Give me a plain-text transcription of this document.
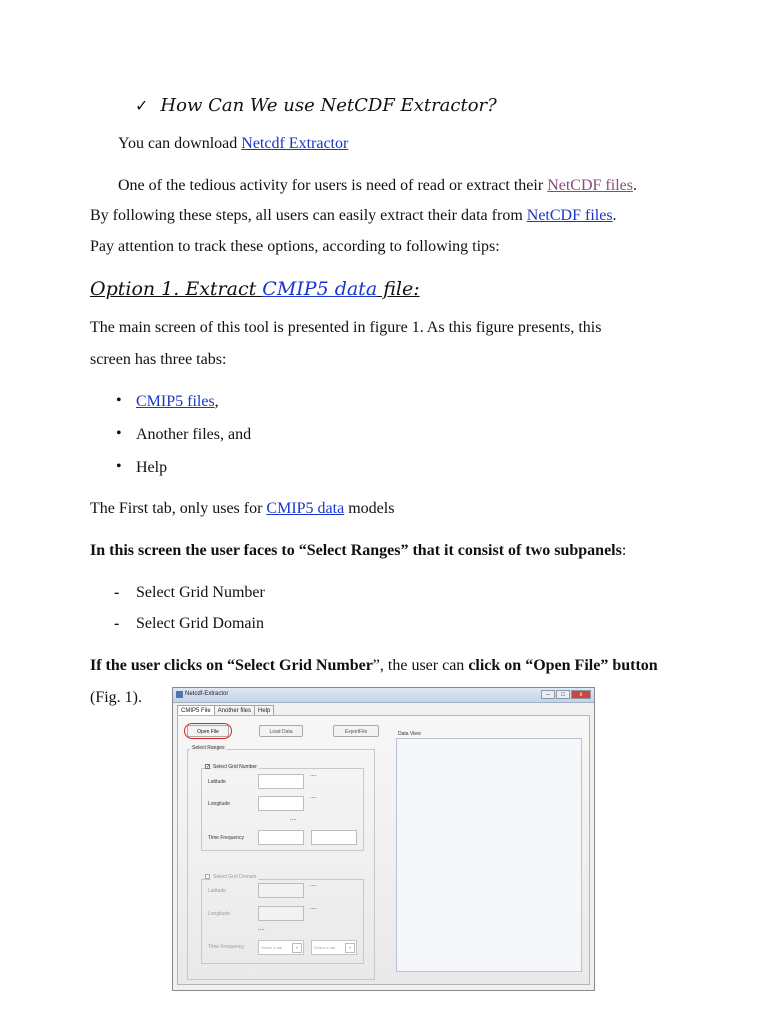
✓ How Can We use NetCDF Extractor?
You can download Netcdf Extractor
One of the tedious activity for users is need of read or extract their NetCDF files.
By following these steps, all users can easily extract their data from NetCDF files.
Pay attention to track these options, according to following tips:
Option 1. Extract CMIP5 data file:
The main screen of this tool is presented in figure 1. As this figure presents, this
screen has three tabs:
• CMIP5 files,
• Another files, and
• Help
The First tab, only uses for CMIP5 data models
In this screen the user faces to “Select Ranges” that it consist of two subpanels:
- Select Grid Number
- Select Grid Domain
If the user clicks on “Select Grid Number”, the user can click on “Open File” button
(Fig. 1).	Netcdf-Extractor	–	□	x
CMIP5 File	Another files	Help
Open File	Load Data	ExportFile	Data View
Select Ranges
✓ Select Grid Number
Latitude
....
Longitude
....
....
Time Frequency
Select Grid Domain
Latitude
....
Longitude
....
....
Time Frequency	Select a dat	▾	Select a dat	▾
